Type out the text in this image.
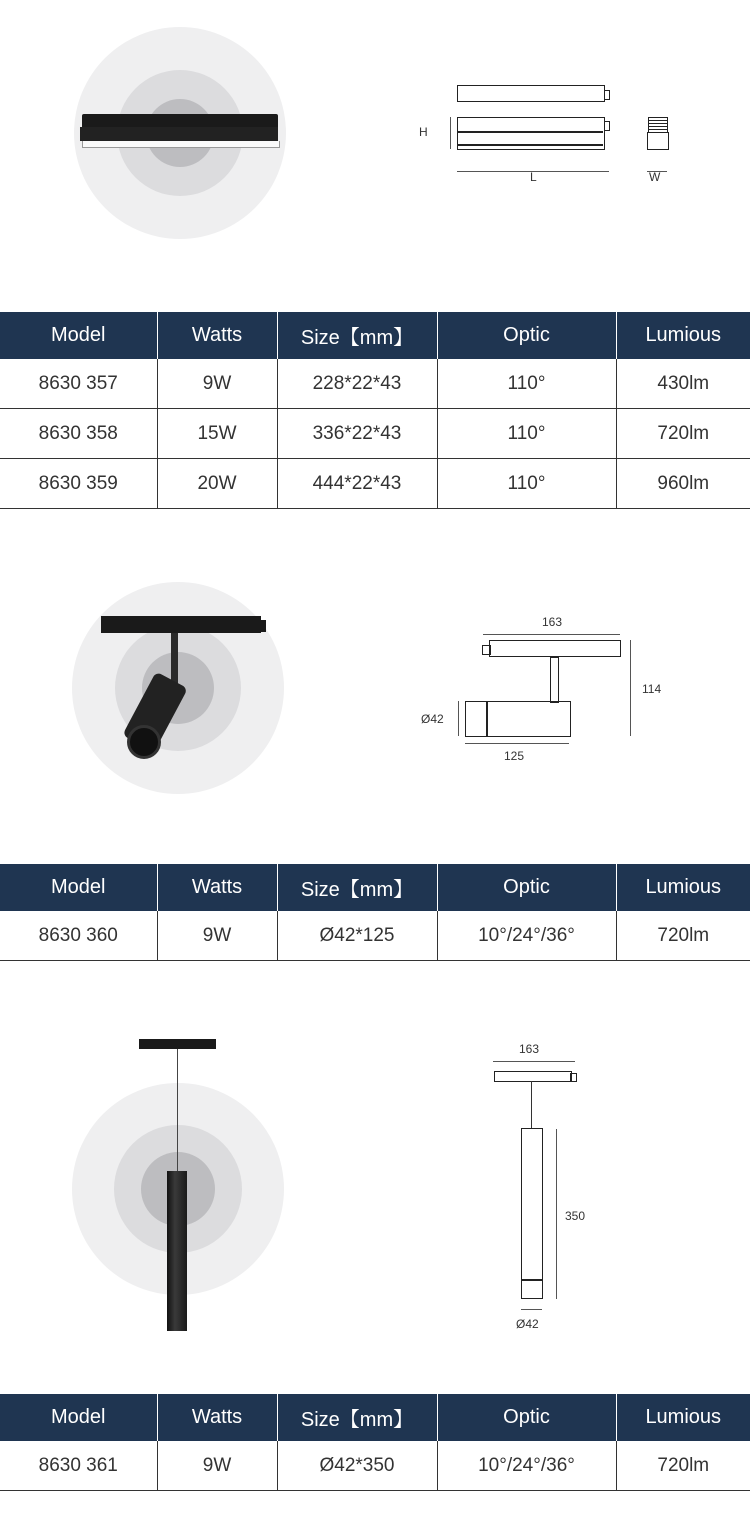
H
L	W
Model	Watts	Size【mm】	Optic	Lumious
8630 357	9W	228*22*43	110°	430lm
8630 358	15W	336*22*43	110°	720lm
8630 359	20W	444*22*43	110°	960lm
163
114
Ø42
125
Model	Watts	Size【mm】	Optic	Lumious
8630 360	9W	Ø42*125	10°/24°/36°	720lm
163
350
Ø42
Model	Watts	Size【mm】	Optic	Lumious
8630 361	9W	Ø42*350	10°/24°/36°	720lm
